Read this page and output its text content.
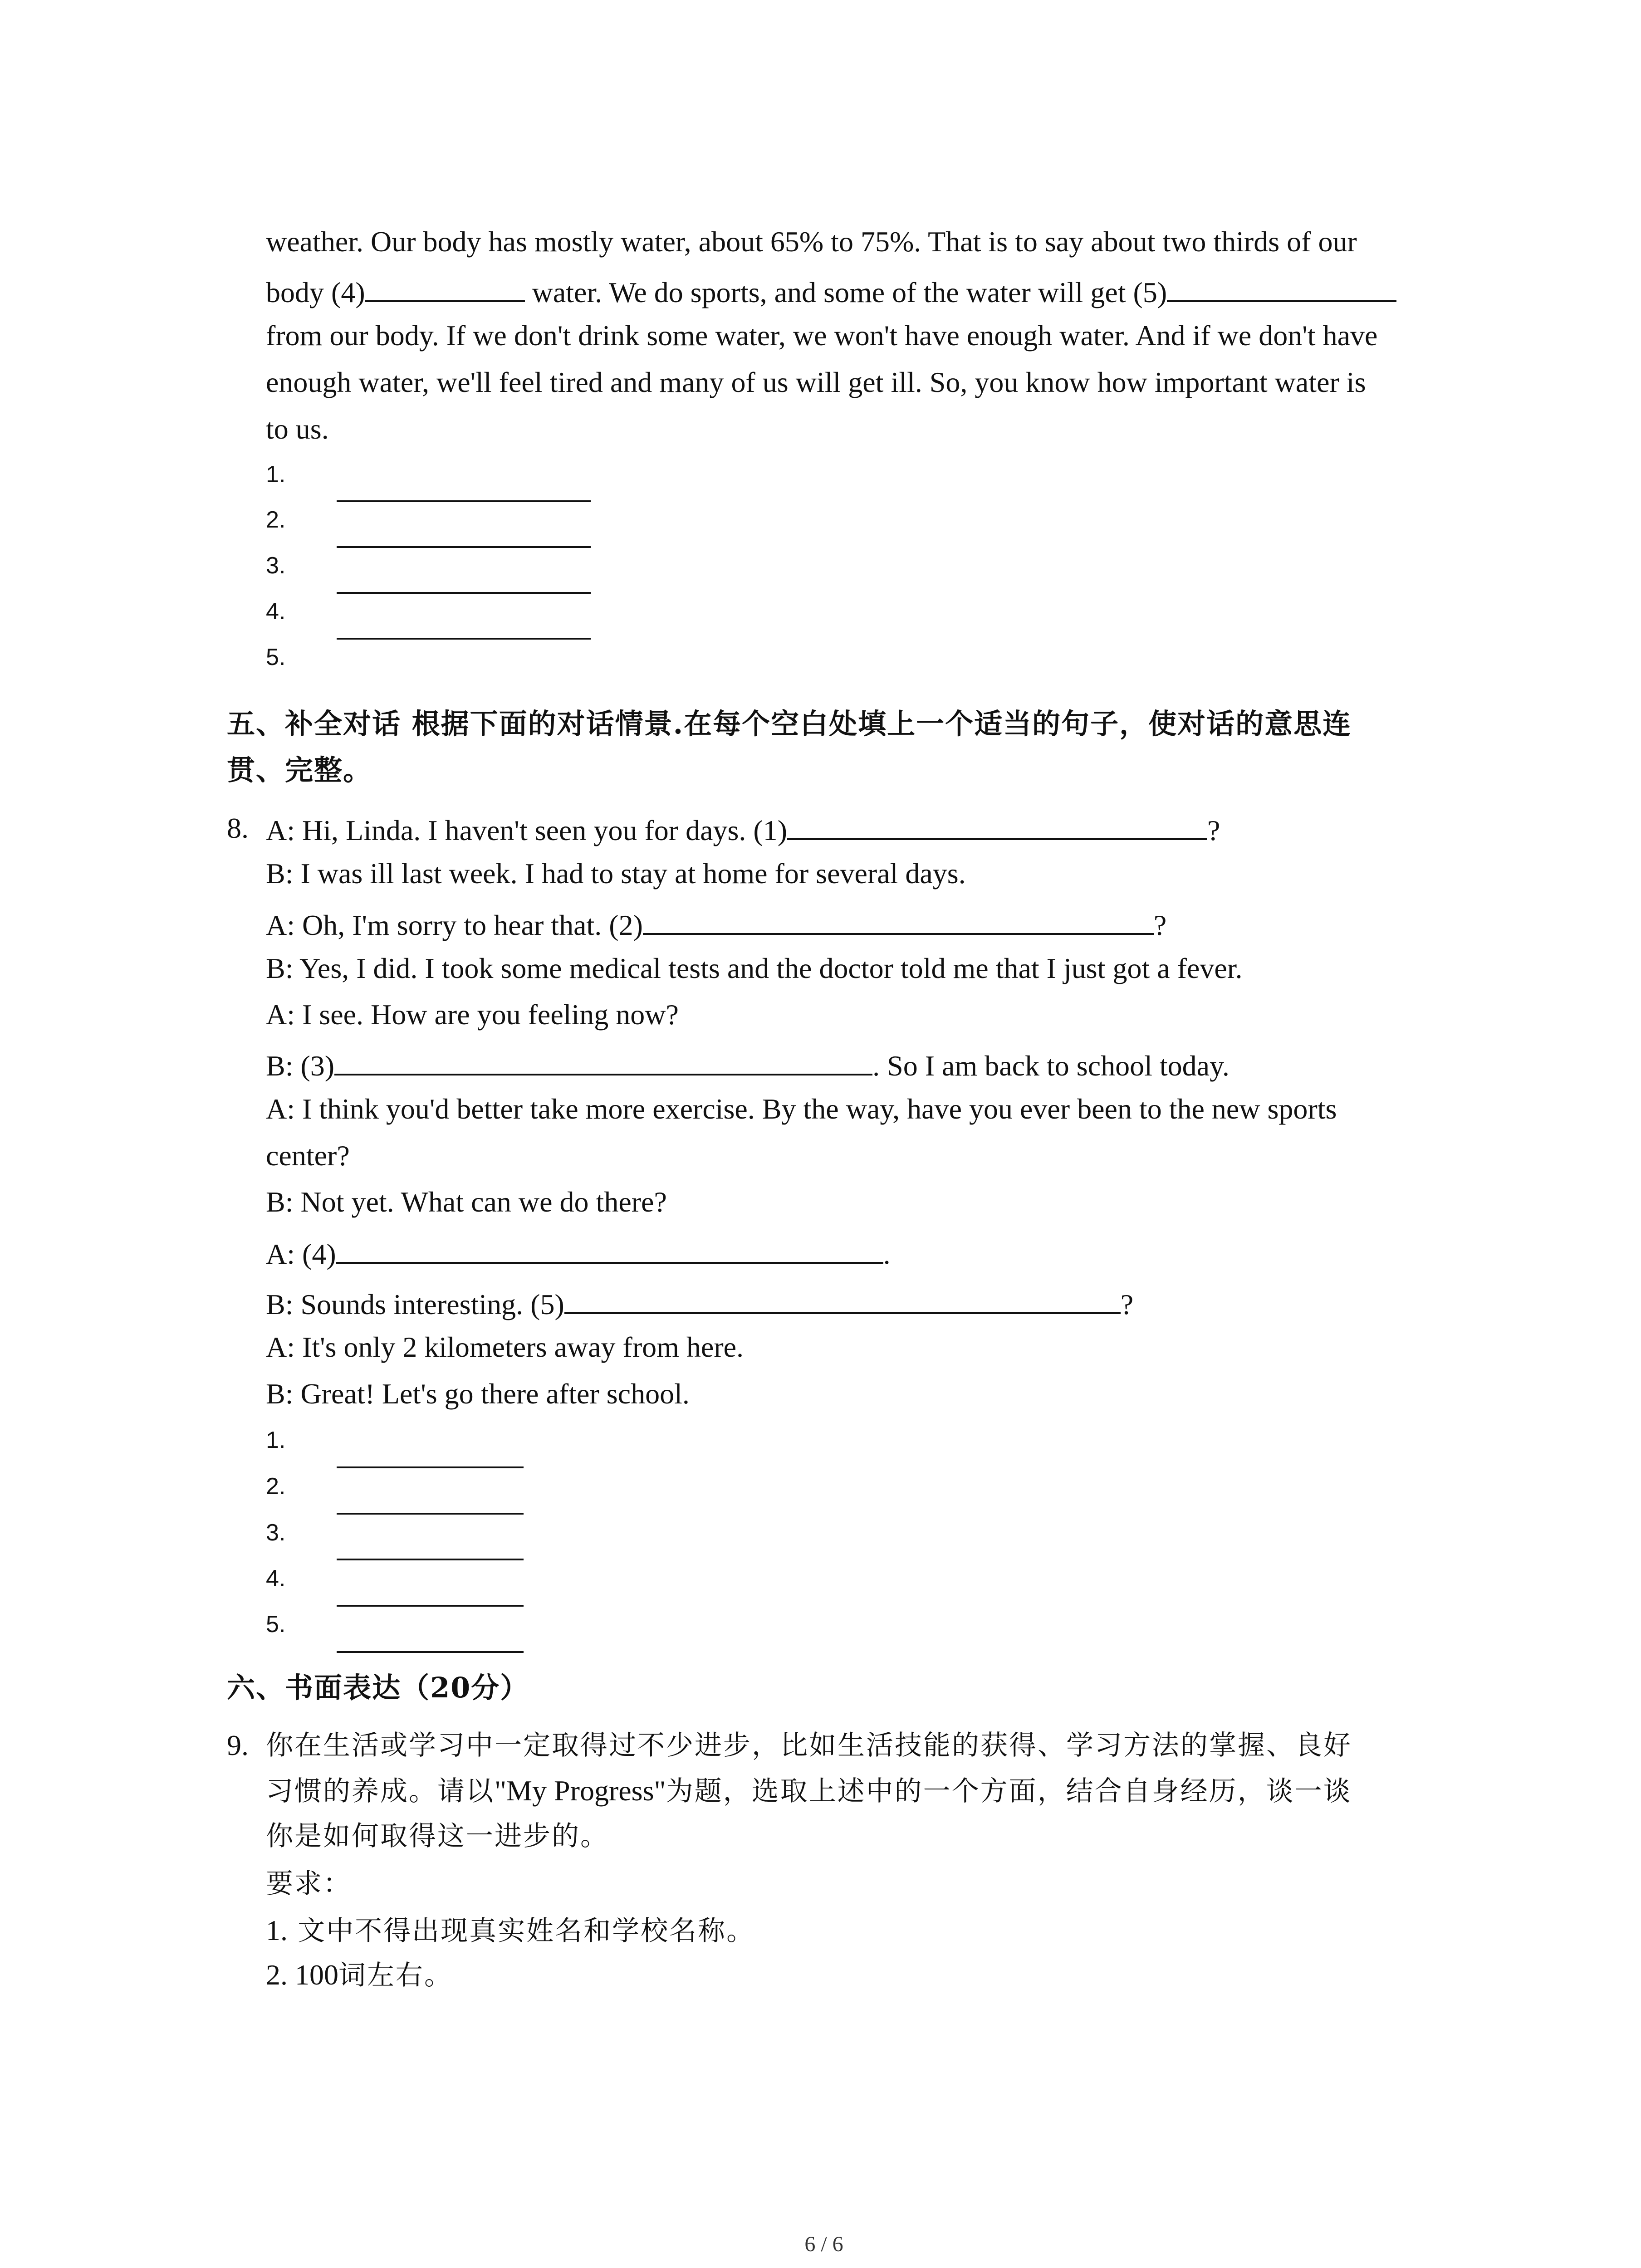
weather. Our body has mostly water, about 65% to 75%. That is to say about two thirds of our
body (4)	water. We do sports, and some of the water will get (5)
from our body. If we don't drink some water, we won't have enough water. And if we don't have
enough water, we'll feel tired and many of us will get ill. So, you know how important water is
to us.
1.
2.
3.
4.
5.
五、补全对话 根据下面的对话情景.在每个空白处填上一个适当的句子，使对话的意思连
贯、完整。
8. A: Hi, Linda. I haven't seen you for days. (1)	?
B: I was ill last week. I had to stay at home for several days.
A: Oh, I'm sorry to hear that. (2)	?
B: Yes, I did. I took some medical tests and the doctor told me that I just got a fever.
A: I see. How are you feeling now?
B: (3)	. So I am back to school today.
A: I think you'd better take more exercise. By the way, have you ever been to the new sports
center?
B: Not yet. What can we do there?
A: (4)	.
B: Sounds interesting. (5)	?
A: It's only 2 kilometers away from here.
B: Great! Let's go there after school.
1.
2.
3.
4.
5.
六、书面表达（20分）
9. 你在生活或学习中一定取得过不少进步，比如生活技能的获得、学习方法的掌握、良好
习惯的养成。请以"My Progress"为题，选取上述中的一个方面，结合自身经历，谈一谈
你是如何取得这一进步的。
要求：
1. 文中不得出现真实姓名和学校名称。
2. 100词左右。
6 / 6
